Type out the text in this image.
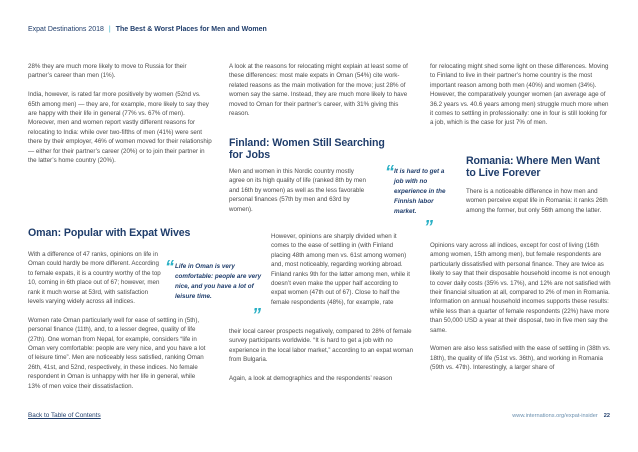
Expat Destinations 2018 | The Best & Worst Places for Men and Women

28% they are much more likely to move to Russia for their partner’s career than men (1%).

India, however, is rated far more positively by women (52nd vs. 65th among men) — they are, for example, more likely to say they are happy with their life in general (77% vs. 67% of men). Moreover, men and women report vastly different reasons for relocating to India: while over two-fifths of men (41%) were sent there by their employer, 46% of women moved for their relationship — either for their partner’s career (20%) or to join their partner in the latter’s home country (20%).

Oman: Popular with Expat Wives

With a difference of 47 ranks, opinions on life in Oman could hardly be more different. According to female expats, it is a country worthy of the top 10, coming in 6th place out of 67; however, men rank it much worse at 53rd, with satisfaction levels varying widely across all indices.

Women rate Oman particularly well for ease of settling in (5th), personal finance (11th), and, to a lesser degree, quality of life (27th). One woman from Nepal, for example, considers “life in Oman very comfortable: people are very nice, and you have a lot of leisure time”. Men are noticeably less satisfied, ranking Oman 26th, 41st, and 52nd, respectively, in these indices. No female respondent in Oman is unhappy with her life in general, while 13% of men voice their dissatisfaction.

“ Life in Oman is very comfortable: people are very nice, and you have a lot of leisure time.
”

A look at the reasons for relocating might explain at least some of these differences: most male expats in Oman (54%) cite work-related reasons as the main motivation for the move; just 28% of women say the same. Instead, they are much more likely to have moved to Oman for their partner’s career, with 31% giving this reason.

Finland: Women Still Searching for Jobs

Men and women in this Nordic country mostly agree on its high quality of life (ranked 8th by men and 16th by women) as well as the less favorable personal finances (57th by men and 63rd by women).

However, opinions are sharply divided when it comes to the ease of settling in (with Finland placing 48th among men vs. 61st among women) and, most noticeably, regarding working abroad. Finland ranks 9th for the latter among men, while it doesn’t even make the upper half according to expat women (47th out of 67). Close to half the female respondents (48%), for example, rate

their local career prospects negatively, compared to 28% of female survey participants worldwide. “It is hard to get a job with no experience in the local labor market,” according to an expat woman from Bulgaria.

Again, a look at demographics and the respondents’ reason

“ It is hard to get a job with no experience in the Finnish labor market.
”

for relocating might shed some light on these differences. Moving to Finland to live in their partner’s home country is the most important reason among both men (40%) and women (34%). However, the comparatively younger women (an average age of 36.2 years vs. 40.6 years among men) struggle much more when it comes to settling in professionally: one in four is still looking for a job, which is the case for just 7% of men.

Romania: Where Men Want to Live Forever

There is a noticeable difference in how men and women perceive expat life in Romania: it ranks 26th among the former, but only 56th among the latter.

Opinions vary across all indices, except for cost of living (16th among women, 15th among men), but female respondents are particularly dissatisfied with personal finance. They are twice as likely to say that their disposable household income is not enough to cover daily costs (35% vs. 17%), and 12% are not satisfied with their financial situation at all, compared to 2% of men in Romania. Information on annual household incomes supports these results: while less than a quarter of female respondents (22%) have more than 50,000 USD a year at their disposal, two in five men say the same.

Women are also less satisfied with the ease of settling in (38th vs. 18th), the quality of life (51st vs. 36th), and working in Romania (59th vs. 47th). Interestingly, a larger share of

Back to Table of Contents	www.internations.org/expat-insider 22
